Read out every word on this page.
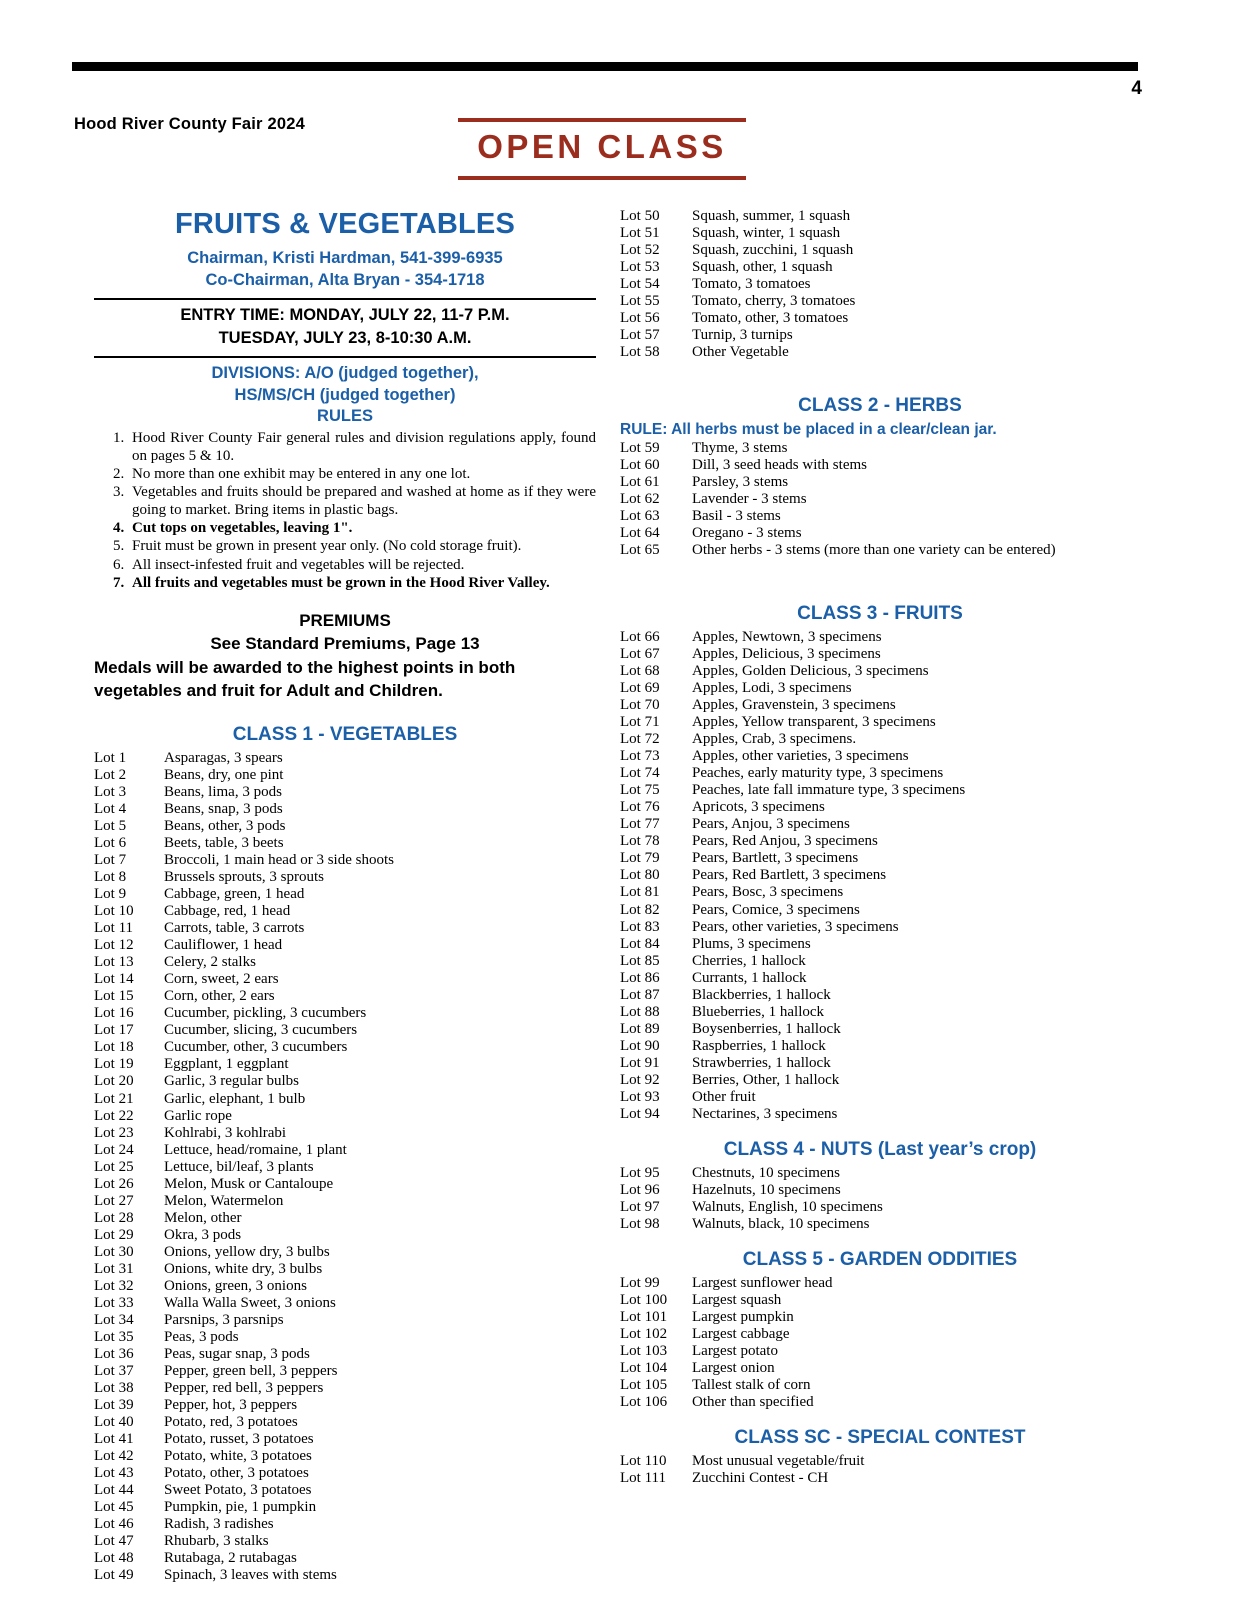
4
Hood River County Fair 2024
OPEN CLASS
FRUITS & VEGETABLES
Chairman, Kristi Hardman, 541-399-6935
Co-Chairman, Alta Bryan - 354-1718
ENTRY TIME: MONDAY, JULY 22, 11-7 P.M.
TUESDAY, JULY 23, 8-10:30 A.M.
DIVISIONS: A/O (judged together),
HS/MS/CH (judged together)
RULES
1. Hood River County Fair general rules and division regulations apply, found on pages 5 & 10.
2. No more than one exhibit may be entered in any one lot.
3. Vegetables and fruits should be prepared and washed at home as if they were going to market. Bring items in plastic bags.
4. Cut tops on vegetables, leaving 1".
5. Fruit must be grown in present year only. (No cold storage fruit).
6. All insect-infested fruit and vegetables will be rejected.
7. All fruits and vegetables must be grown in the Hood River Valley.
PREMIUMS
See Standard Premiums, Page 13
Medals will be awarded to the highest points in both vegetables and fruit for Adult and Children.
CLASS 1 - VEGETABLES
Lot 1	Asparagas, 3 spears
Lot 2	Beans, dry, one pint
Lot 3	Beans, lima, 3 pods
Lot 4	Beans, snap, 3 pods
Lot 5	Beans, other, 3 pods
Lot 6	Beets, table, 3 beets
Lot 7	Broccoli, 1 main head or 3 side shoots
Lot 8	Brussels sprouts, 3 sprouts
Lot 9	Cabbage, green, 1 head
Lot 10	Cabbage, red, 1 head
Lot 11	Carrots, table, 3 carrots
Lot 12	Cauliflower, 1 head
Lot 13	Celery, 2 stalks
Lot 14	Corn, sweet, 2 ears
Lot 15	Corn, other, 2 ears
Lot 16	Cucumber, pickling, 3 cucumbers
Lot 17	Cucumber, slicing, 3 cucumbers
Lot 18	Cucumber, other, 3 cucumbers
Lot 19	Eggplant, 1 eggplant
Lot 20	Garlic, 3 regular bulbs
Lot 21	Garlic, elephant, 1 bulb
Lot 22	Garlic rope
Lot 23	Kohlrabi, 3 kohlrabi
Lot 24	Lettuce, head/romaine, 1 plant
Lot 25	Lettuce, bil/leaf, 3 plants
Lot 26	Melon, Musk or Cantaloupe
Lot 27	Melon, Watermelon
Lot 28	Melon, other
Lot 29	Okra, 3 pods
Lot 30	Onions, yellow dry, 3 bulbs
Lot 31	Onions, white dry, 3 bulbs
Lot 32	Onions, green, 3 onions
Lot 33	Walla Walla Sweet, 3 onions
Lot 34	Parsnips, 3 parsnips
Lot 35	Peas, 3 pods
Lot 36	Peas, sugar snap, 3 pods
Lot 37	Pepper, green bell, 3 peppers
Lot 38	Pepper, red bell, 3 peppers
Lot 39	Pepper, hot, 3 peppers
Lot 40	Potato, red, 3 potatoes
Lot 41	Potato, russet, 3 potatoes
Lot 42	Potato, white, 3 potatoes
Lot 43	Potato, other, 3 potatoes
Lot 44	Sweet Potato, 3 potatoes
Lot 45	Pumpkin, pie, 1 pumpkin
Lot 46	Radish, 3 radishes
Lot 47	Rhubarb, 3 stalks
Lot 48	Rutabaga, 2 rutabagas
Lot 49	Spinach, 3 leaves with stems
Lot 50	Squash, summer, 1 squash
Lot 51	Squash, winter, 1 squash
Lot 52	Squash, zucchini, 1 squash
Lot 53	Squash, other, 1 squash
Lot 54	Tomato, 3 tomatoes
Lot 55	Tomato, cherry, 3 tomatoes
Lot 56	Tomato, other, 3 tomatoes
Lot 57	Turnip, 3 turnips
Lot 58	Other Vegetable
CLASS 2 - HERBS
RULE: All herbs must be placed in a clear/clean jar.
Lot 59	Thyme, 3 stems
Lot 60	Dill, 3 seed heads with stems
Lot 61	Parsley, 3 stems
Lot 62	Lavender - 3 stems
Lot 63	Basil - 3 stems
Lot 64	Oregano - 3 stems
Lot 65	Other herbs - 3 stems (more than one variety can be entered)
CLASS 3 - FRUITS
Lot 66	Apples, Newtown, 3 specimens
Lot 67	Apples, Delicious, 3 specimens
Lot 68	Apples, Golden Delicious, 3 specimens
Lot 69	Apples, Lodi, 3 specimens
Lot 70	Apples, Gravenstein, 3 specimens
Lot 71	Apples, Yellow transparent, 3 specimens
Lot 72	Apples, Crab, 3 specimens.
Lot 73	Apples, other varieties, 3 specimens
Lot 74	Peaches, early maturity type, 3 specimens
Lot 75	Peaches, late fall immature type, 3 specimens
Lot 76	Apricots, 3 specimens
Lot 77	Pears, Anjou, 3 specimens
Lot 78	Pears, Red Anjou, 3 specimens
Lot 79	Pears, Bartlett, 3 specimens
Lot 80	Pears, Red Bartlett, 3 specimens
Lot 81	Pears, Bosc, 3 specimens
Lot 82	Pears, Comice, 3 specimens
Lot 83	Pears, other varieties, 3 specimens
Lot 84	Plums, 3 specimens
Lot 85	Cherries, 1 hallock
Lot 86	Currants, 1 hallock
Lot 87	Blackberries, 1 hallock
Lot 88	Blueberries, 1 hallock
Lot 89	Boysenberries, 1 hallock
Lot 90	Raspberries, 1 hallock
Lot 91	Strawberries, 1 hallock
Lot 92	Berries, Other, 1 hallock
Lot 93	Other fruit
Lot 94	Nectarines, 3 specimens
CLASS 4 - NUTS (Last year’s crop)
Lot 95	Chestnuts, 10 specimens
Lot 96	Hazelnuts, 10 specimens
Lot 97	Walnuts, English, 10 specimens
Lot 98	Walnuts, black, 10 specimens
CLASS 5 - GARDEN ODDITIES
Lot 99	Largest sunflower head
Lot 100	Largest squash
Lot 101	Largest pumpkin
Lot 102	Largest cabbage
Lot 103	Largest potato
Lot 104	Largest onion
Lot 105	Tallest stalk of corn
Lot 106	Other than specified
CLASS SC - SPECIAL CONTEST
Lot 110	Most unusual vegetable/fruit
Lot 111	Zucchini Contest - CH
